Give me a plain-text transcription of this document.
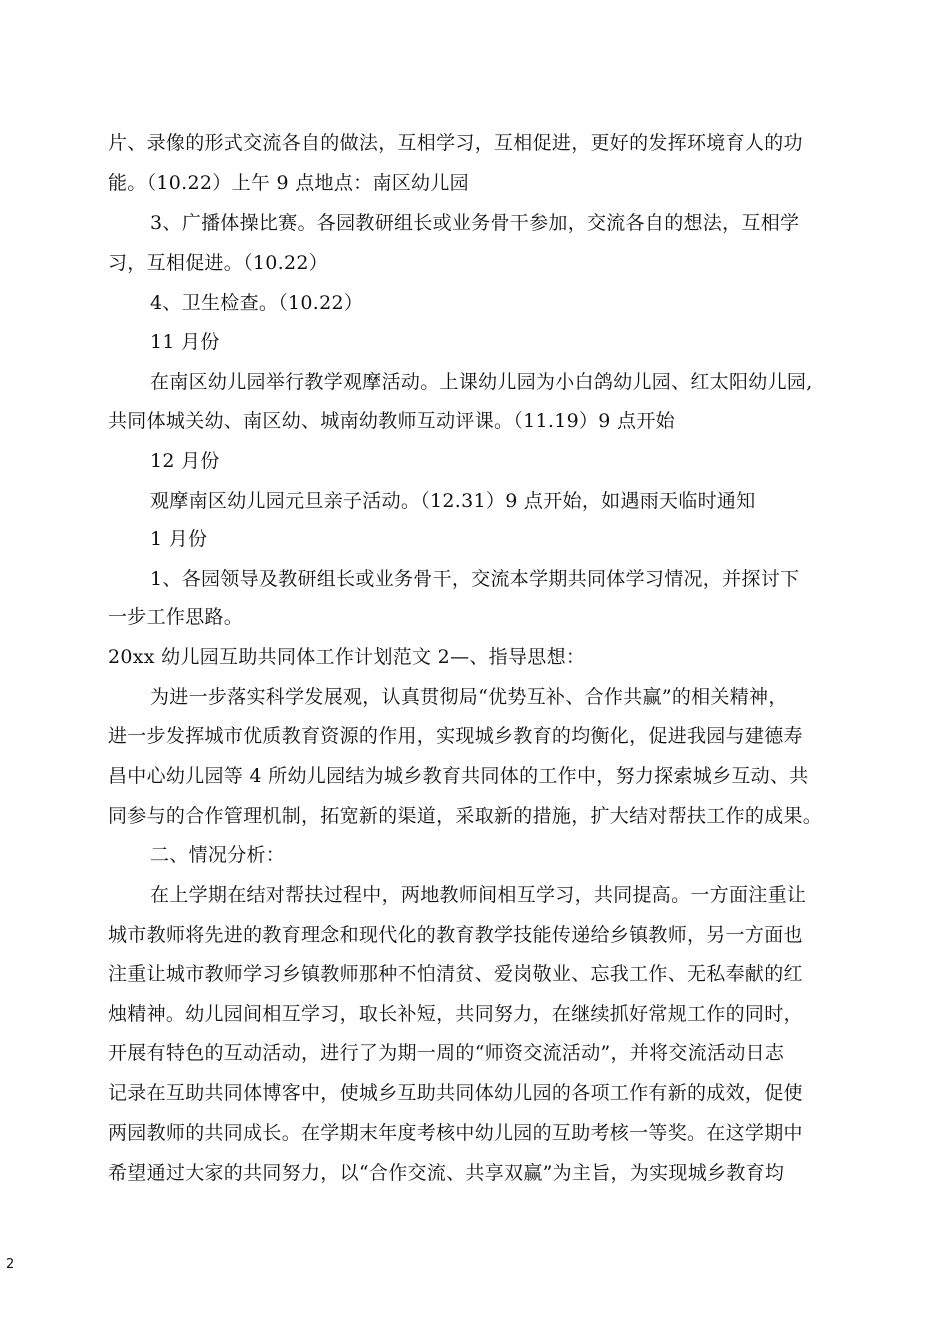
片、录像的形式交流各自的做法，互相学习，互相促进，更好的发挥环境育人的功
能。（10.22）上午 9 点地点：南区幼儿园
3、广播体操比赛。各园教研组长或业务骨干参加，交流各自的想法，互相学
习，互相促进。（10.22）
4、卫生检查。（10.22）
11 月份
在南区幼儿园举行教学观摩活动。上课幼儿园为小白鸽幼儿园、红太阳幼儿园,
共同体城关幼、南区幼、城南幼教师互动评课。（11.19）9 点开始
12 月份
观摩南区幼儿园元旦亲子活动。（12.31）9 点开始，如遇雨天临时通知
1 月份
1、各园领导及教研组长或业务骨干，交流本学期共同体学习情况，并探讨下
一步工作思路。
20xx 幼儿园互助共同体工作计划范文 2—、指导思想：
为进一步落实科学发展观，认真贯彻局“优势互补、合作共赢”的相关精神，
进一步发挥城市优质教育资源的作用，实现城乡教育的均衡化，促进我园与建德寿
昌中心幼儿园等 4 所幼儿园结为城乡教育共同体的工作中，努力探索城乡互动、共
同参与的合作管理机制，拓宽新的渠道，采取新的措施，扩大结对帮扶工作的成果。
二、情况分析：
在上学期在结对帮扶过程中，两地教师间相互学习，共同提高。一方面注重让
城市教师将先进的教育理念和现代化的教育教学技能传递给乡镇教师，另一方面也
注重让城市教师学习乡镇教师那种不怕清贫、爱岗敬业、忘我工作、无私奉献的红
烛精神。幼儿园间相互学习，取长补短，共同努力，在继续抓好常规工作的同时，
开展有特色的互动活动，进行了为期一周的“师资交流活动”，并将交流活动日志
记录在互助共同体博客中，使城乡互助共同体幼儿园的各项工作有新的成效，促使
两园教师的共同成长。在学期末年度考核中幼儿园的互助考核一等奖。在这学期中
希望通过大家的共同努力，以“合作交流、共享双赢”为主旨，为实现城乡教育均
2
